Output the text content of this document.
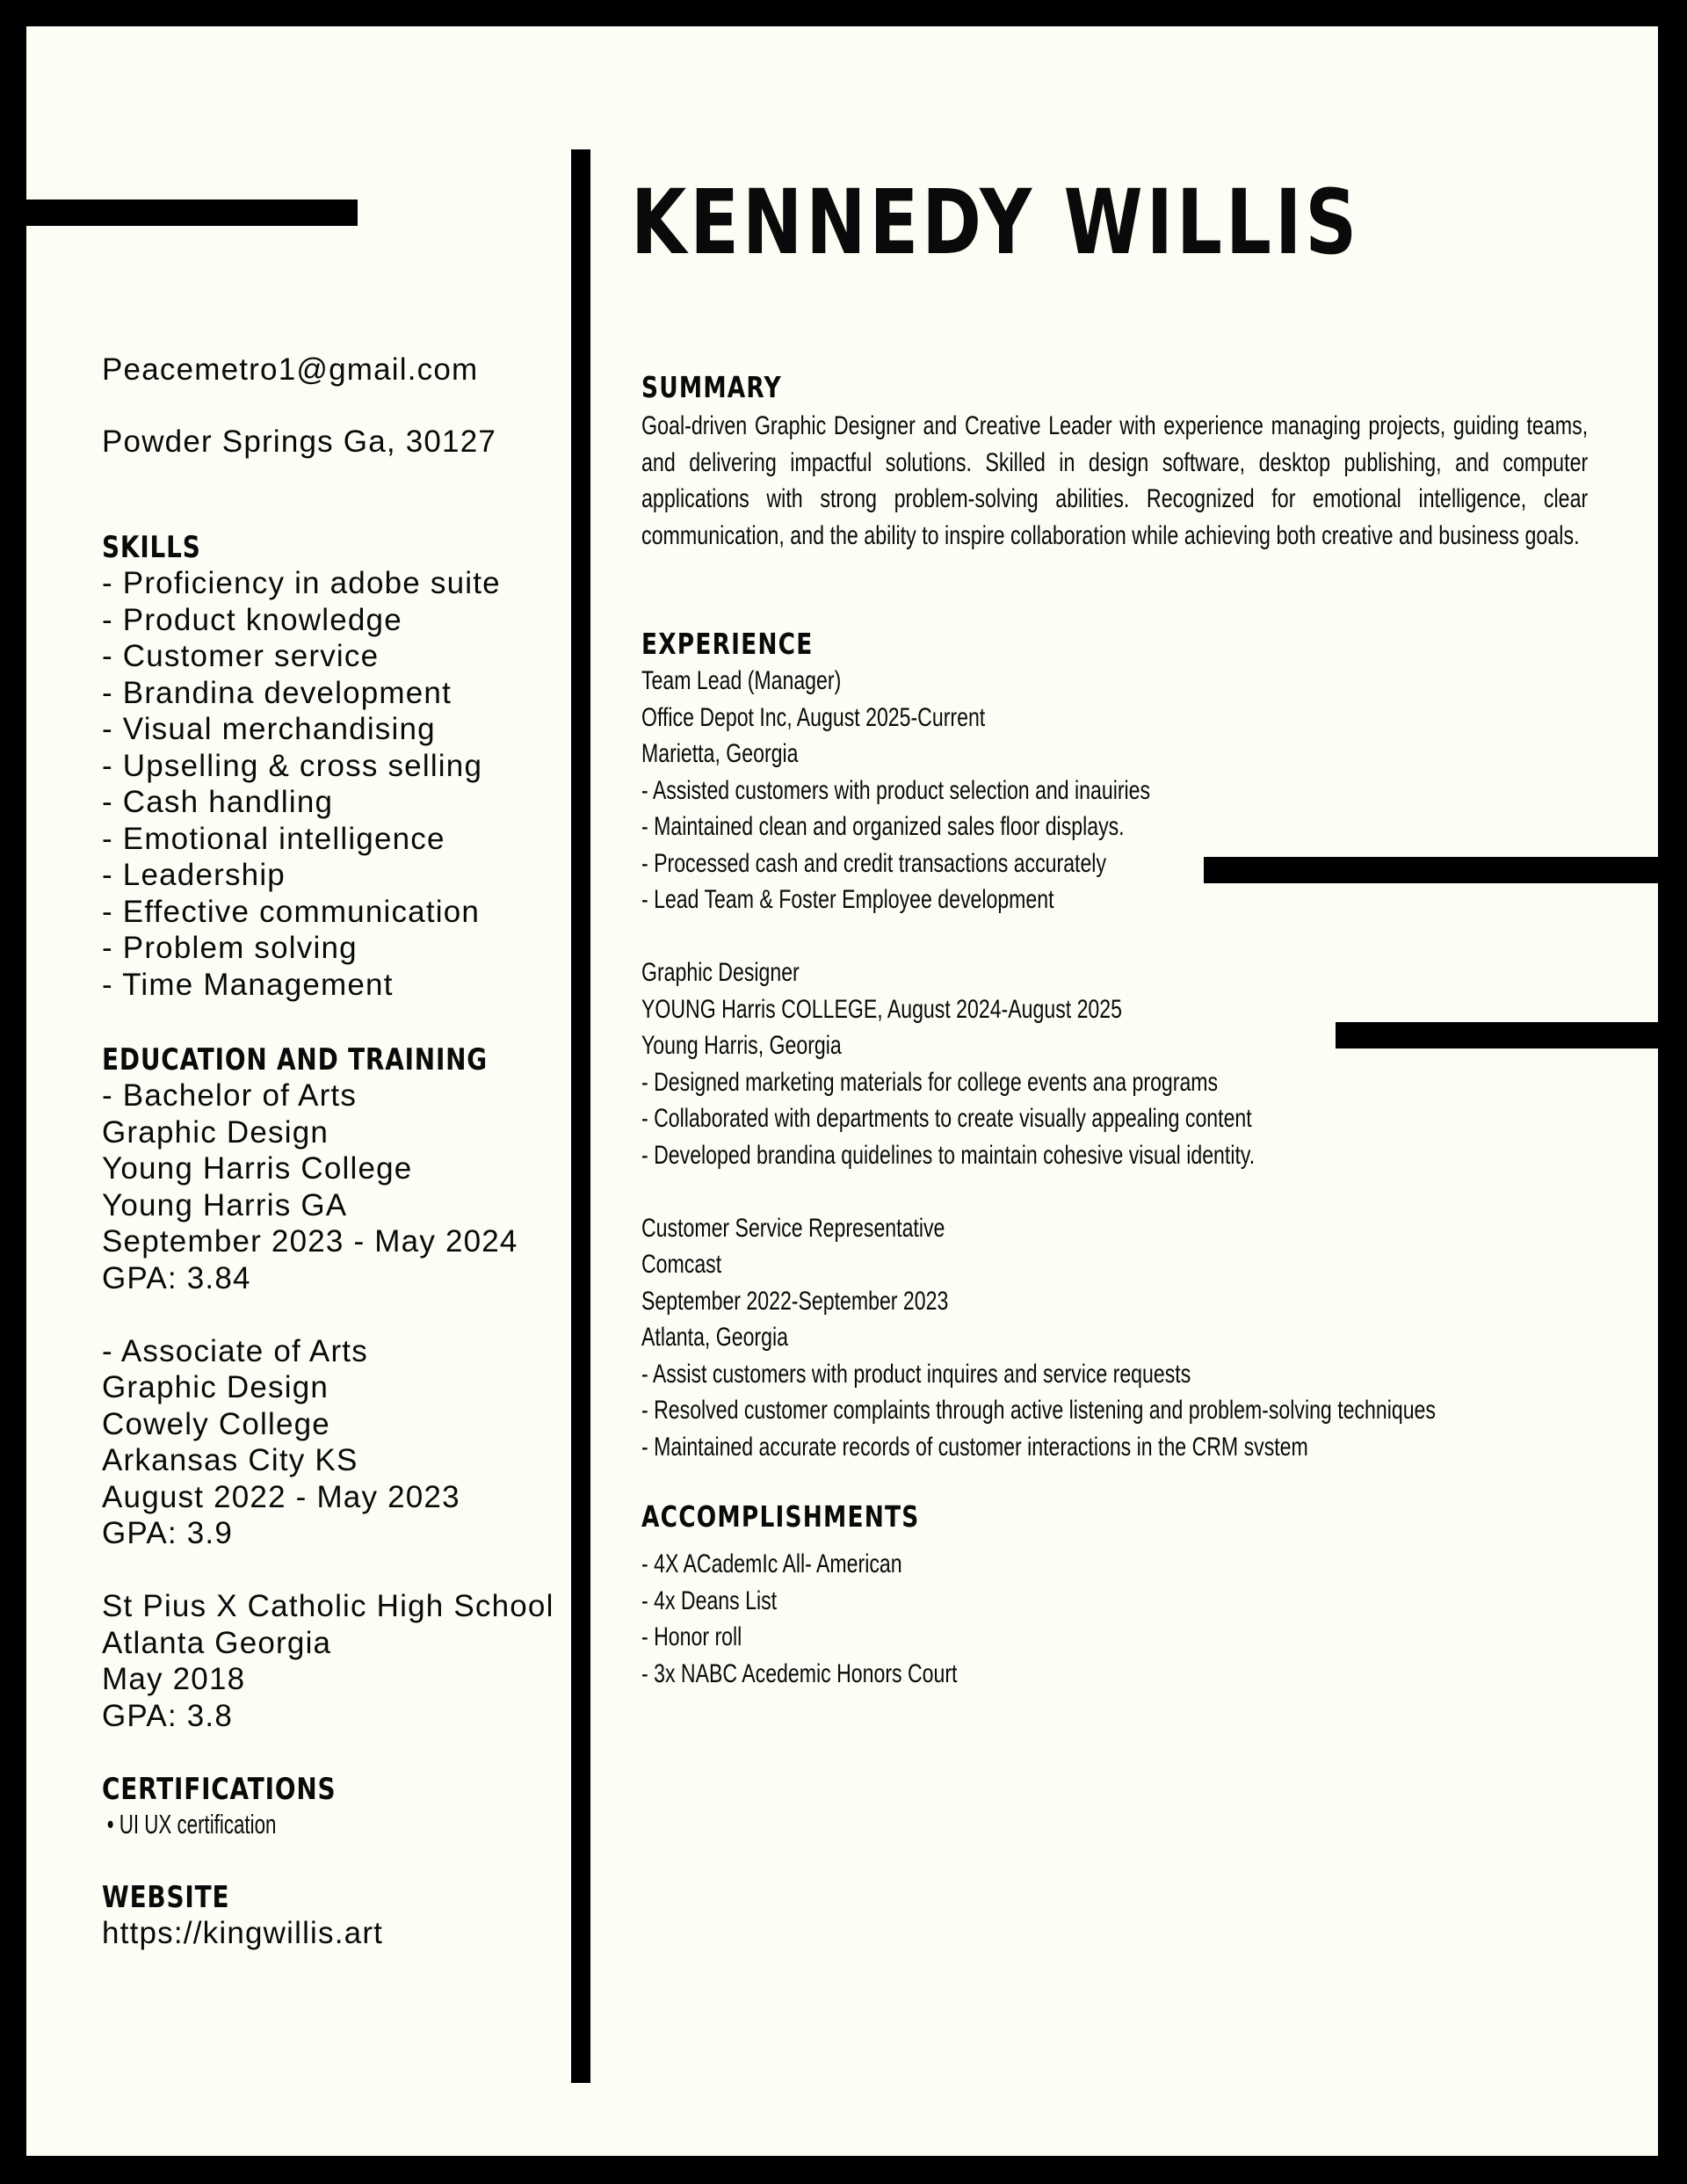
KENNEDY WILLIS
Peacemetro1@gmail.com
Powder Springs Ga, 30127
SKILLS
- Proficiency in adobe suite
- Product knowledge
- Customer service
- Brandina development
- Visual merchandising
- Upselling & cross selling
- Cash handling
- Emotional intelligence
- Leadership
- Effective communication
- Problem solving
- Time Management
EDUCATION AND TRAINING
- Bachelor of Arts
Graphic Design
Young Harris College
Young Harris GA
September 2023 - May 2024
GPA: 3.84
- Associate of Arts
Graphic Design
Cowely College
Arkansas City KS
August 2022 - May 2023
GPA: 3.9
St Pius X Catholic High School
Atlanta Georgia
May 2018
GPA: 3.8
CERTIFICATIONS
• UI UX certification
WEBSITE
https://kingwillis.art
SUMMARY
Goal-driven Graphic Designer and Creative Leader with experience managing projects, guiding teams, and delivering impactful solutions. Skilled in design software, desktop publishing, and computer applications with strong problem-solving abilities. Recognized for emotional intelligence, clear communication, and the ability to inspire collaboration while achieving both creative and business goals.
EXPERIENCE
Team Lead (Manager)
Office Depot Inc, August 2025-Current
Marietta, Georgia
- Assisted customers with product selection and inauiries
- Maintained clean and organized sales floor displays.
- Processed cash and credit transactions accurately
- Lead Team & Foster Employee development
Graphic Designer
YOUNG Harris COLLEGE, August 2024-August 2025
Young Harris, Georgia
- Designed marketing materials for college events ana programs
- Collaborated with departments to create visually appealing content
- Developed brandina quidelines to maintain cohesive visual identity.
Customer Service Representative
Comcast
September 2022-September 2023
Atlanta, Georgia
- Assist customers with product inquires and service requests
- Resolved customer complaints through active listening and problem-solving techniques
- Maintained accurate records of customer interactions in the CRM svstem
ACCOMPLISHMENTS
- 4X ACademIc All- American
- 4x Deans List
- Honor roll
- 3x NABC Acedemic Honors Court
